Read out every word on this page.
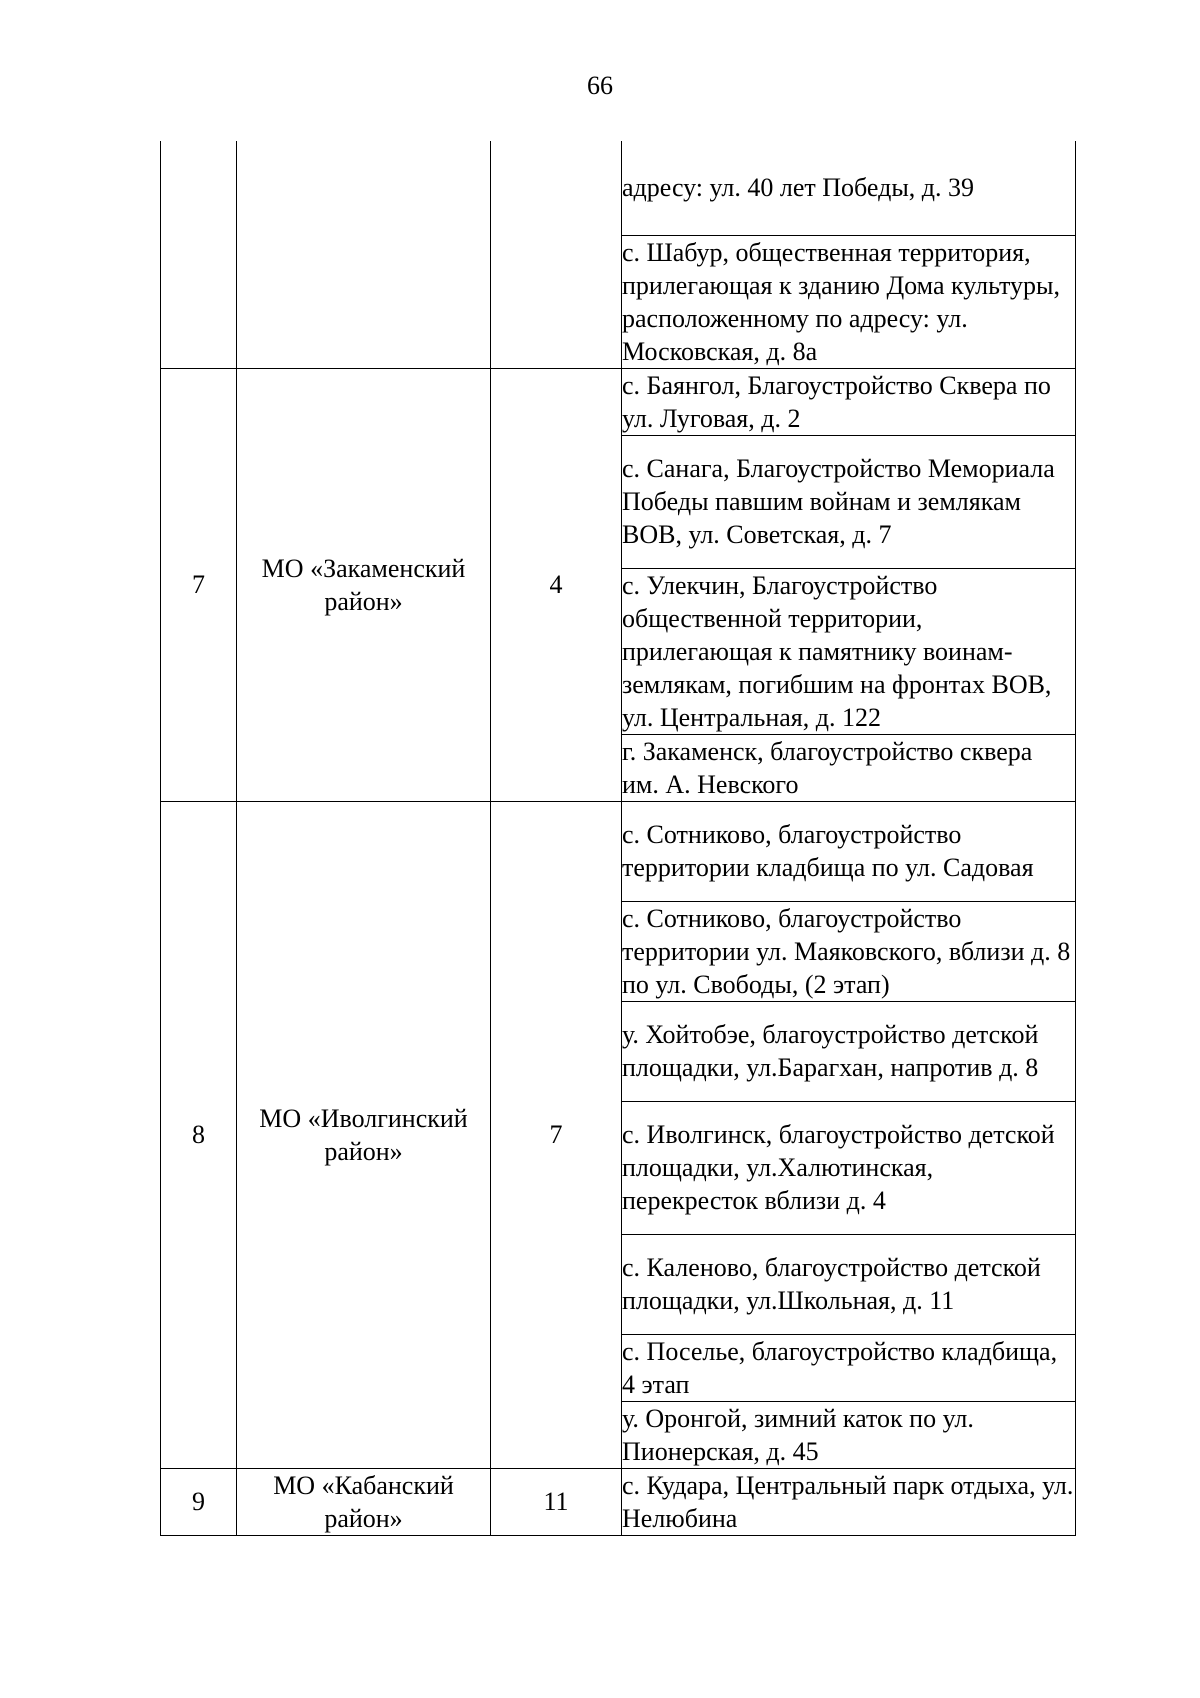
66
			адресу: ул. 40 лет Победы, д. 39
			с. Шабур, общественная территория, прилегающая к зданию Дома культуры, расположенному по адресу: ул. Московская, д. 8а
7	МО «Закаменский район»	4	с. Баянгол, Благоустройство Сквера по ул. Луговая, д. 2
			с. Санага, Благоустройство Мемориала Победы павшим войнам и землякам ВОВ, ул. Советская, д. 7
			с. Улекчин, Благоустройство общественной территории, прилегающая к памятнику воинам-землякам, погибшим на фронтах ВОВ, ул. Центральная, д. 122
			г. Закаменск, благоустройство сквера им. А. Невского
8	МО «Иволгинский район»	7	с. Сотниково, благоустройство территории кладбища по ул. Садовая
			с. Сотниково, благоустройство территории ул. Маяковского, вблизи д. 8 по ул. Свободы, (2 этап)
			у. Хойтобэе, благоустройство детской площадки, ул.Барагхан, напротив д. 8
			с. Иволгинск, благоустройство детской площадки, ул.Халютинская, перекресток вблизи д. 4
			с. Каленово, благоустройство детской площадки, ул.Школьная, д. 11
			с. Поселье, благоустройство кладбища, 4 этап
			у. Оронгой, зимний каток по ул. Пионерская, д. 45
9	МО «Кабанский район»	11	с. Кудара, Центральный парк отдыха, ул. Нелюбина
